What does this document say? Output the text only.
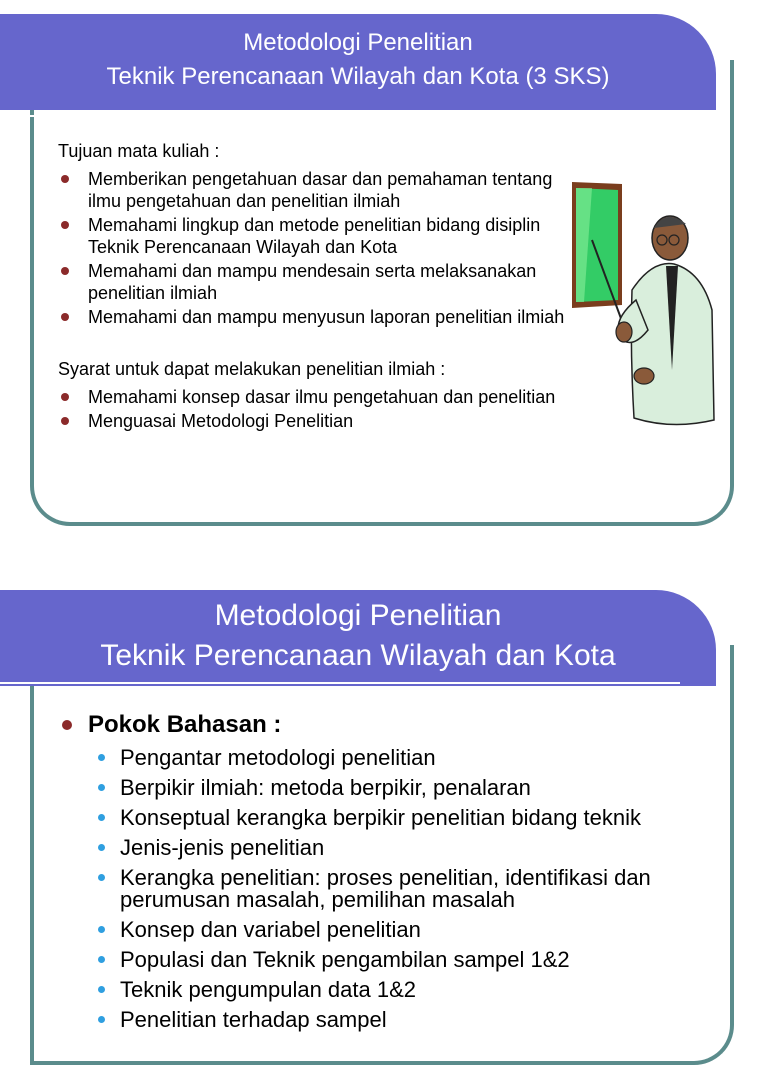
Metodologi Penelitian
Teknik Perencanaan Wilayah dan Kota (3 SKS)
Tujuan mata kuliah :
Memberikan pengetahuan dasar dan pemahaman tentang ilmu pengetahuan dan penelitian ilmiah
Memahami lingkup dan metode penelitian bidang disiplin Teknik Perencanaan Wilayah dan Kota
Memahami dan mampu mendesain serta melaksanakan penelitian ilmiah
Memahami dan mampu menyusun laporan penelitian ilmiah
Syarat untuk dapat melakukan penelitian ilmiah :
Memahami konsep dasar ilmu pengetahuan dan penelitian
Menguasai Metodologi Penelitian
Metodologi Penelitian
Teknik Perencanaan Wilayah dan Kota
Pokok Bahasan :
Pengantar metodologi penelitian
Berpikir ilmiah: metoda berpikir, penalaran
Konseptual kerangka berpikir penelitian bidang teknik
Jenis-jenis penelitian
Kerangka penelitian: proses penelitian, identifikasi dan perumusan masalah, pemilihan masalah
Konsep dan variabel penelitian
Populasi dan Teknik pengambilan sampel 1&2
Teknik pengumpulan data 1&2
Penelitian terhadap sampel
